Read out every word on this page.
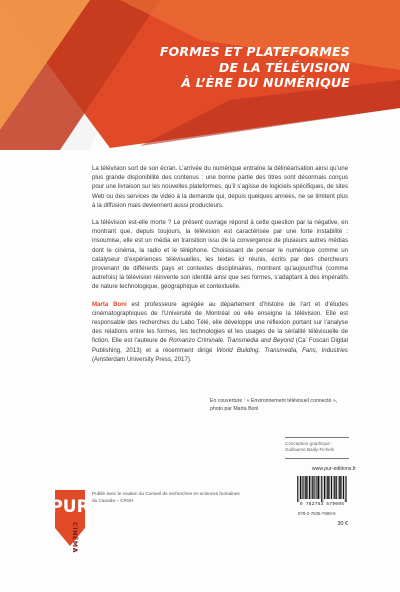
FORMES ET PLATEFORMES
DE LA TÉLÉVISION
À L’ÈRE DU NUMÉRIQUE

La télévision sort de son écran. L’arrivée du numérique entraîne la délinéarisation ainsi qu’une plus grande disponibilité des contenus : une bonne partie des titres sont désormais conçus pour une livraison sur les nouvelles plateformes, qu’il s’agisse de logiciels spécifiques, de sites Web ou des services de vidéo à la demande qui, depuis quelques années, ne se limitent plus à la diffusion mais deviennent aussi producteurs.

La télévision est-elle morte ? Le présent ouvrage répond à cette question par la négative, en montrant que, depuis toujours, la télévision est caractérisée par une forte instabilité : insoumise, elle est un média en transition issu de la convergence de plusieurs autres médias dont le cinéma, la radio et le téléphone. Choisissant de penser le numérique comme un catalyseur d’expériences télévisuelles, les textes ici réunis, écrits par des chercheurs provenant de différents pays et contextes disciplinaires, montrent qu’aujourd’hui (comme autrefois) la télévision réinvente son identité ainsi que ses formes, s’adaptant à des impératifs de nature technologique, géographique et contextuelle.

Marta Boni est professeure agrégée au département d’histoire de l’art et d’études cinématographiques de l’Université de Montréal où elle enseigne la télévision. Elle est responsable des recherches du Labo Télé, elle développe une réflexion portant sur l’analyse des relations entre les formes, les technologies et les usages de la sérialité télévisuelle de fiction. Elle est l’auteure de Romanzo Criminale. Transmedia and Beyond (Ca’ Foscari Digital Publishing, 2013) et a récemment dirigé World Building. Transmedia, Fans, Industries (Amsterdam University Press, 2017).

En couverture : « Environnement télévisuel connecté », photo par Marta Boni
Conception graphique :
Guillaume Bailly-Fichels
www.pur-editions.fr
9 782753 579095
978-2-7535-7909-5
30 €
PUR
CINÉMA
Publié avec le soutien du Conseil de recherches en sciences humaines du Canada – CRSH
